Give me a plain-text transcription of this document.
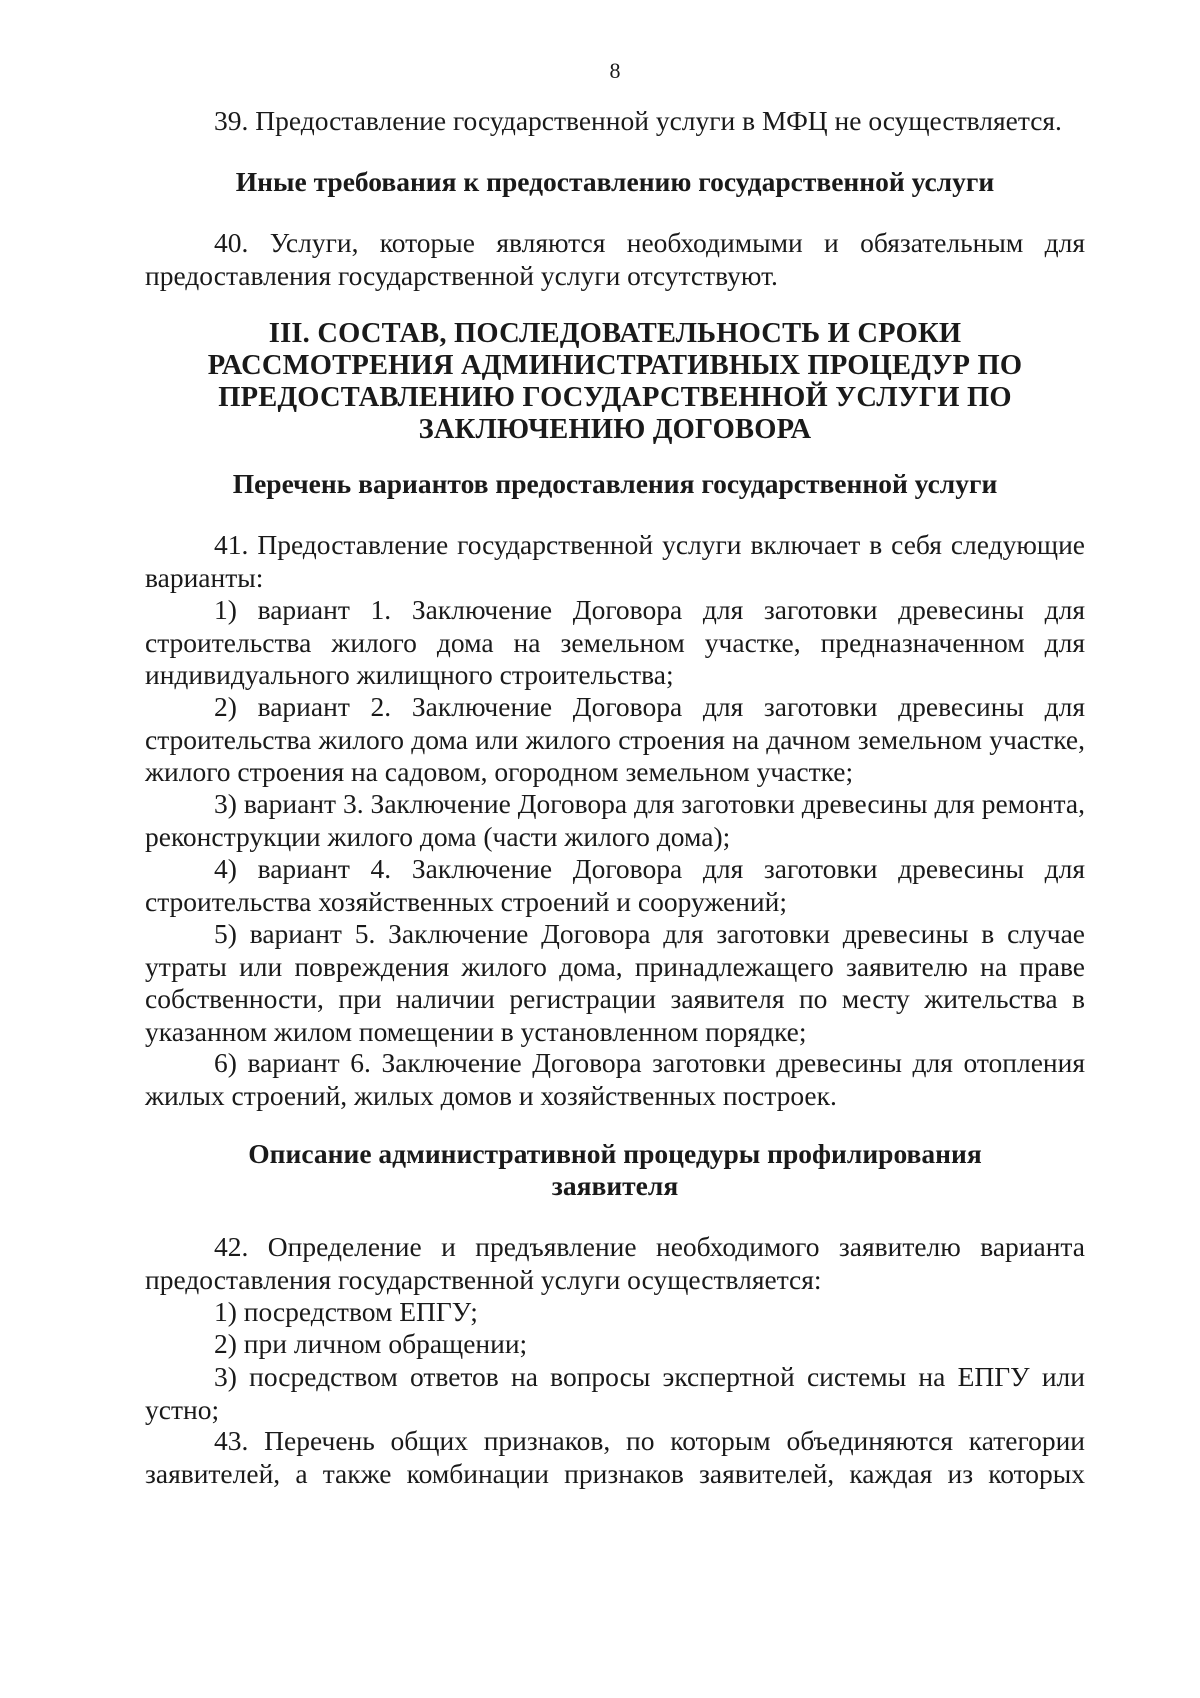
8

39. Предоставление государственной услуги в МФЦ не осуществляется.

Иные требования к предоставлению государственной услуги

40. Услуги, которые являются необходимыми и обязательным для предоставления государственной услуги отсутствуют.

III. СОСТАВ, ПОСЛЕДОВАТЕЛЬНОСТЬ И СРОКИ

РАССМОТРЕНИЯ АДМИНИСТРАТИВНЫХ ПРОЦЕДУР ПО

ПРЕДОСТАВЛЕНИЮ ГОСУДАРСТВЕННОЙ УСЛУГИ ПО

ЗАКЛЮЧЕНИЮ ДОГОВОРА

Перечень вариантов предоставления государственной услуги

41. Предоставление государственной услуги включает в себя следующие варианты:

1) вариант 1. Заключение Договора для заготовки древесины для строительства жилого дома на земельном участке, предназначенном для индивидуального жилищного строительства;

2) вариант 2. Заключение Договора для заготовки древесины для строительства жилого дома или жилого строения на дачном земельном участке, жилого строения на садовом, огородном земельном участке;

3) вариант 3. Заключение Договора для заготовки древесины для ремонта, реконструкции жилого дома (части жилого дома);

4) вариант 4. Заключение Договора для заготовки древесины для строительства хозяйственных строений и сооружений;

5) вариант 5. Заключение Договора для заготовки древесины в случае утраты или повреждения жилого дома, принадлежащего заявителю на праве собственности, при наличии регистрации заявителя по месту жительства в указанном жилом помещении в установленном порядке;

6) вариант 6. Заключение Договора заготовки древесины для отопления жилых строений, жилых домов и хозяйственных построек.

Описание административной процедуры профилирования

заявителя

42. Определение и предъявление необходимого заявителю варианта предоставления государственной услуги осуществляется:

1) посредством ЕПГУ;

2) при личном обращении;

3) посредством ответов на вопросы экспертной системы на ЕПГУ или устно;

43. Перечень общих признаков, по которым объединяются категории заявителей, а также комбинации признаков заявителей, каждая из которых
